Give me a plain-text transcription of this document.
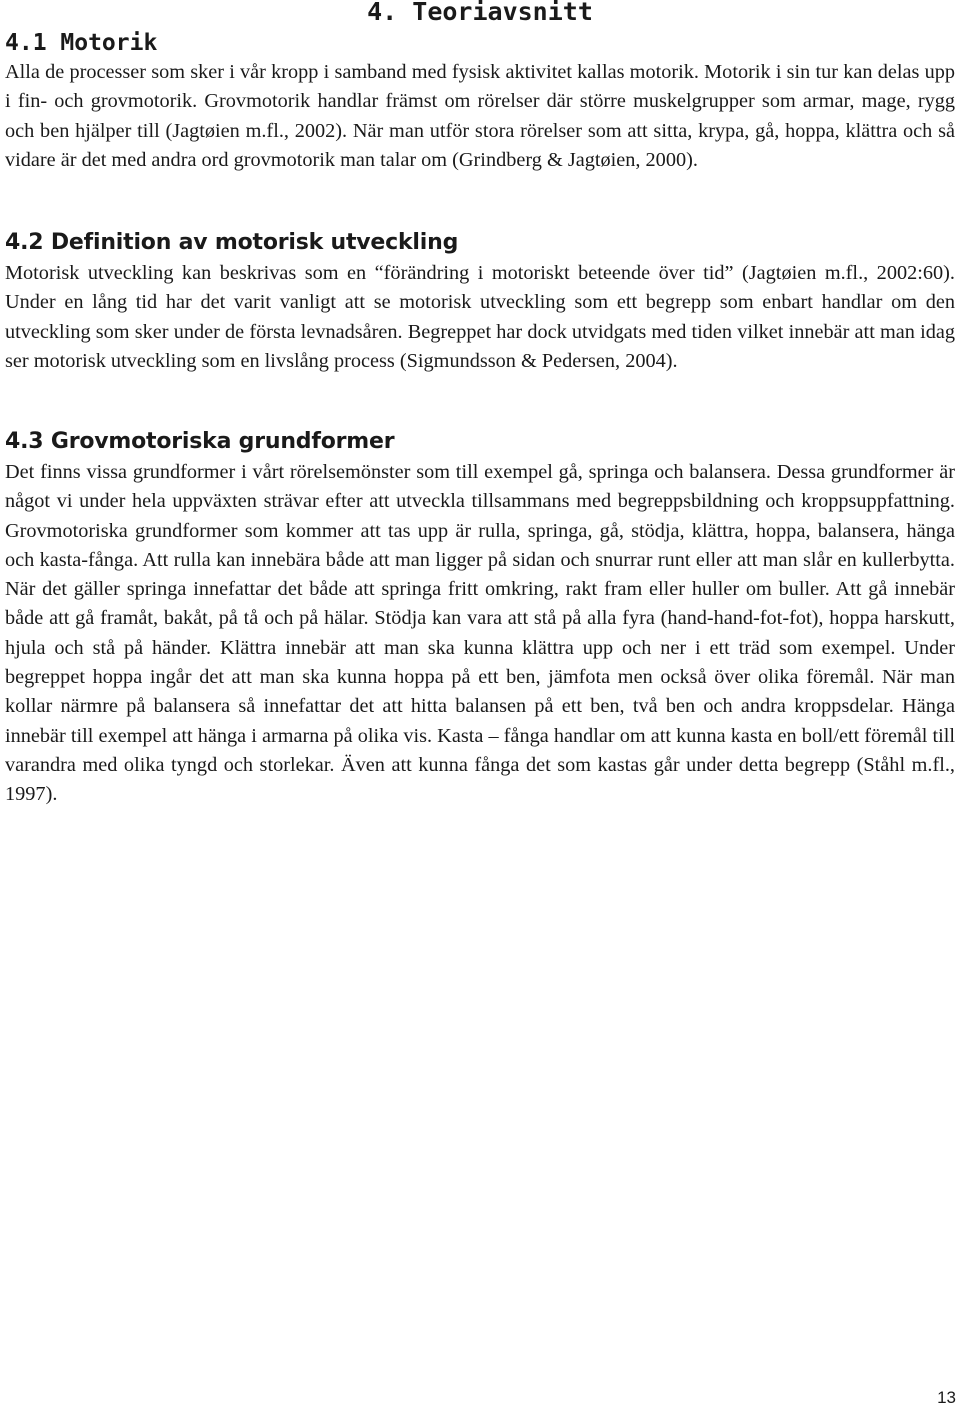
4. Teoriavsnitt
4.1 Motorik

Alla de processer som sker i vår kropp i samband med fysisk aktivitet kallas motorik. Motorik i sin tur kan delas upp i fin- och grovmotorik. Grovmotorik handlar främst om rörelser där större muskelgrupper som armar, mage, rygg och ben hjälper till (Jagtøien m.fl., 2002). När man utför stora rörelser som att sitta, krypa, gå, hoppa, klättra och så vidare är det med andra ord grovmotorik man talar om (Grindberg & Jagtøien, 2000).

4.2 Definition av motorisk utveckling

Motorisk utveckling kan beskrivas som en “förändring i motoriskt beteende över tid” (Jagtøien m.fl., 2002:60). Under en lång tid har det varit vanligt att se motorisk utveckling som ett begrepp som enbart handlar om den utveckling som sker under de första levnadsåren. Begreppet har dock utvidgats med tiden vilket innebär att man idag ser motorisk utveckling som en livslång process (Sigmundsson & Pedersen, 2004).

4.3 Grovmotoriska grundformer

Det finns vissa grundformer i vårt rörelsemönster som till exempel gå, springa och balansera. Dessa grundformer är något vi under hela uppväxten strävar efter att utveckla tillsammans med begreppsbildning och kroppsuppfattning. Grovmotoriska grundformer som kommer att tas upp är rulla, springa, gå, stödja, klättra, hoppa, balansera, hänga och kasta-fånga. Att rulla kan innebära både att man ligger på sidan och snurrar runt eller att man slår en kullerbytta. När det gäller springa innefattar det både att springa fritt omkring, rakt fram eller huller om buller. Att gå innebär både att gå framåt, bakåt, på tå och på hälar. Stödja kan vara att stå på alla fyra (hand-hand-fot-fot), hoppa harskutt, hjula och stå på händer. Klättra innebär att man ska kunna klättra upp och ner i ett träd som exempel. Under begreppet hoppa ingår det att man ska kunna hoppa på ett ben, jämfota men också över olika föremål. När man kollar närmre på balansera så innefattar det att hitta balansen på ett ben, två ben och andra kroppsdelar. Hänga innebär till exempel att hänga i armarna på olika vis. Kasta – fånga handlar om att kunna kasta en boll/ett föremål till varandra med olika tyngd och storlekar. Även att kunna fånga det som kastas går under detta begrepp (Ståhl m.fl., 1997).

13
